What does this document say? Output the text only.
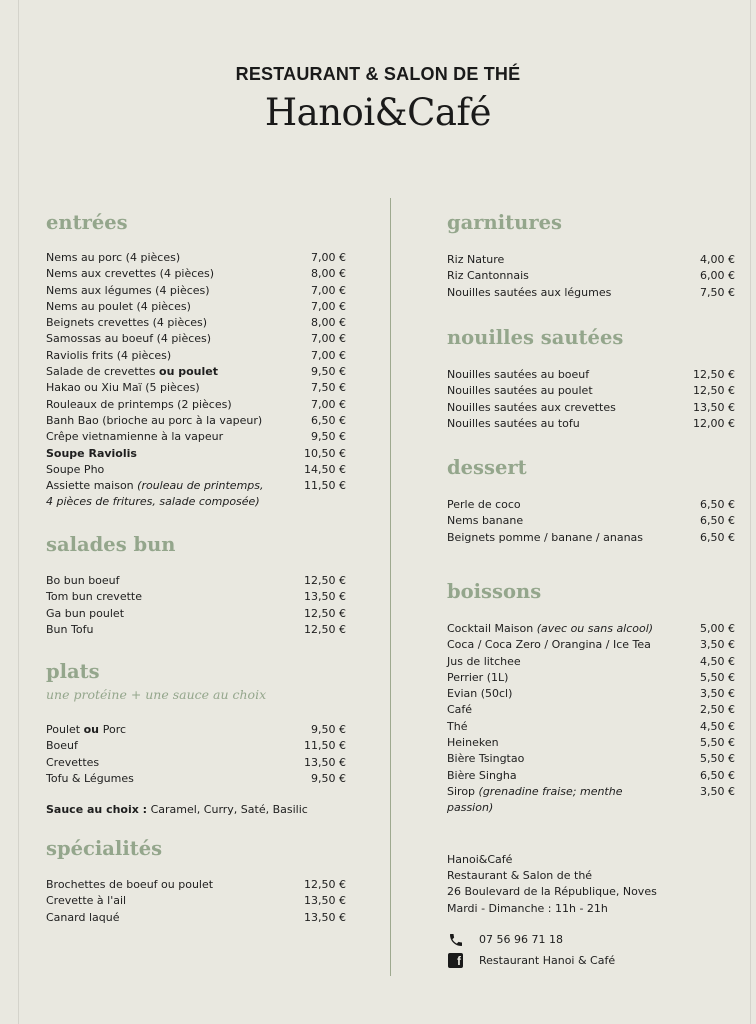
RESTAURANT & SALON DE THÉ
Hanoi&Café
entrées
Nems au porc (4 pièces)	7,00 €
Nems aux crevettes (4 pièces)	8,00 €
Nems aux légumes (4 pièces)	7,00 €
Nems au poulet (4 pièces)	7,00 €
Beignets crevettes (4 pièces)	8,00 €
Samossas au boeuf (4 pièces)	7,00 €
Raviolis frits (4 pièces)	7,00 €
Salade de crevettes ou poulet	9,50 €
Hakao ou Xiu Maï (5 pièces)	7,50 €
Rouleaux de printemps (2 pièces)	7,00 €
Banh Bao (brioche au porc à la vapeur)	6,50 €
Crêpe vietnamienne à la vapeur	9,50 €
Soupe Raviolis	10,50 €
Soupe Pho	14,50 €
Assiette maison (rouleau de printemps,
4 pièces de fritures, salade composée)
11,50 €
salades bun
Bo bun boeuf	12,50 €
Tom bun crevette	13,50 €
Ga bun poulet	12,50 €
Bun Tofu	12,50 €
plats
une protéine + une sauce au choix
Poulet ou Porc	9,50 €
Boeuf	11,50 €
Crevettes	13,50 €
Tofu & Légumes	9,50 €
Sauce au choix : Caramel, Curry, Saté, Basilic
spécialités
Brochettes de boeuf ou poulet	12,50 €
Crevette à l'ail	13,50 €
Canard laqué	13,50 €
garnitures
Riz Nature	4,00 €
Riz Cantonnais	6,00 €
Nouilles sautées aux légumes	7,50 €
nouilles sautées
Nouilles sautées au boeuf	12,50 €
Nouilles sautées au poulet	12,50 €
Nouilles sautées aux crevettes	13,50 €
Nouilles sautées au tofu	12,00 €
dessert
Perle de coco	6,50 €
Nems banane	6,50 €
Beignets pomme / banane / ananas	6,50 €
boissons
Cocktail Maison (avec ou sans alcool)	5,00 €
Coca / Coca Zero / Orangina / Ice Tea	3,50 €
Jus de litchee	4,50 €
Perrier (1L)	5,50 €
Evian (50cl)	3,50 €
Café	2,50 €
Thé	4,50 €
Heineken	5,50 €
Bière Tsingtao	5,50 €
Bière Singha	6,50 €
Sirop (grenadine fraise; menthe passion)
3,50 €
Hanoi&Café
Restaurant & Salon de thé
26 Boulevard de la République, Noves
Mardi - Dimanche : 11h - 21h
07 56 96 71 18
f Restaurant Hanoi & Café
